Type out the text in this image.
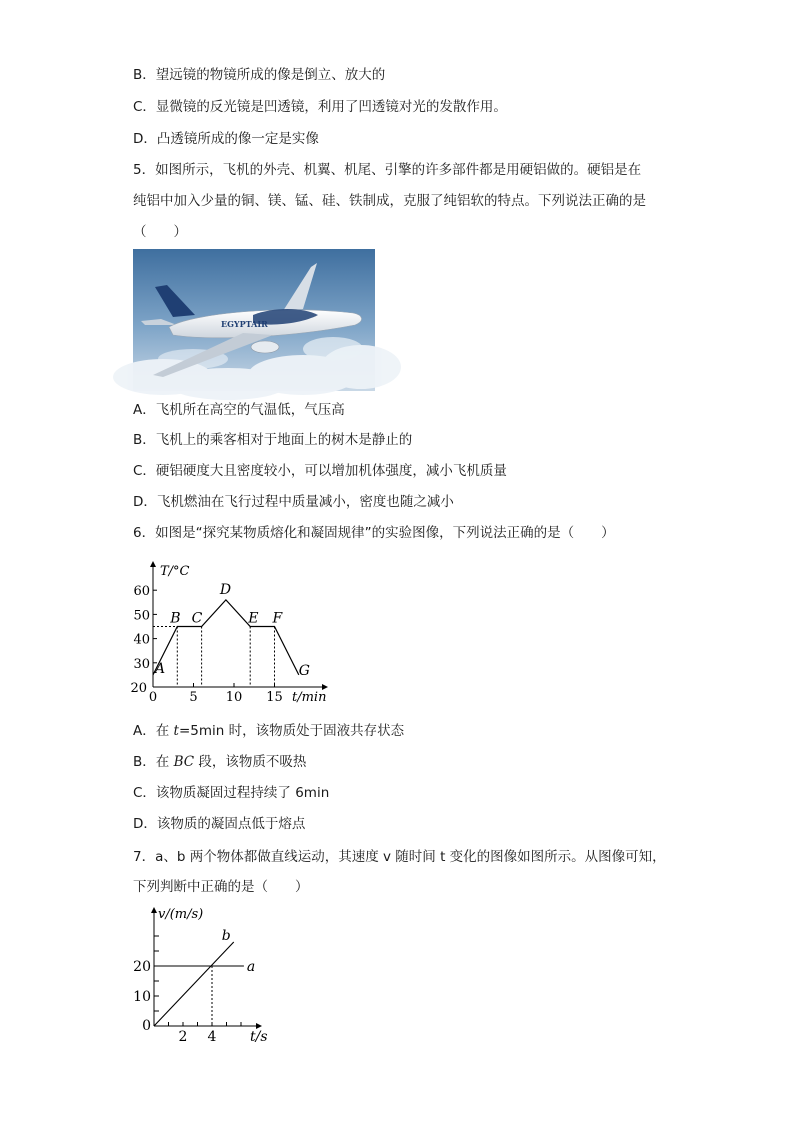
B．望远镜的物镜所成的像是倒立、放大的
C．显微镜的反光镜是凹透镜，利用了凹透镜对光的发散作用。
D．凸透镜所成的像一定是实像
5．如图所示，飞机的外壳、机翼、机尾、引擎的许多部件都是用硬铝做的。硬铝是在
纯铝中加入少量的铜、镁、锰、硅、铁制成，克服了纯铝软的特点。下列说法正确的是
（　　）
EGYPTAIR
A．飞机所在高空的气温低，气压高
B．飞机上的乘客相对于地面上的树木是静止的
C．硬铝硬度大且密度较小，可以增加机体强度，减小飞机质量
D．飞机燃油在飞行过程中质量减小，密度也随之减小
6．如图是“探究某物质熔化和凝固规律”的实验图像，下列说法正确的是（　　）
20
30
40
50
60
0 5 10 15 t/min
T/°C
A
B C
D
E F
G
A．在 t=5min 时，该物质处于固液共存状态
B．在 BC 段，该物质不吸热
C．该物质凝固过程持续了 6min
D．该物质的凝固点低于熔点
7．a、b 两个物体都做直线运动，其速度 v 随时间 t 变化的图像如图所示。从图像可知，
下列判断中正确的是（　　）
0
10
20
2 4 t/s
v/(m/s)
a
b
